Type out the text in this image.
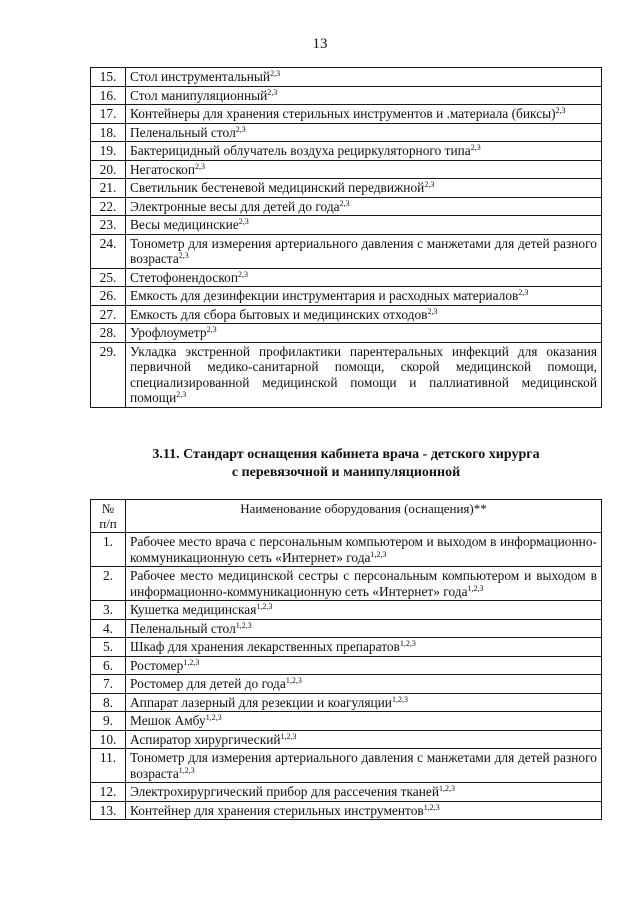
13
15.	Стол инструментальный$^{2,3}$
16.	Стол манипуляционный$^{2,3}$
17.	Контейнеры для хранения стерильных инструментов и .материала (биксы)$^{2,3}$
18.	Пеленальный стол$^{2,3}$
19.	Бактерицидный облучатель воздуха рециркуляторного типа$^{2,3}$
20.	Негатоскоп$^{2,3}$
21.	Светильник бестеневой медицинский передвижной$^{2,3}$
22.	Электронные весы для детей до года$^{2,3}$
23.	Весы медицинские$^{2,3}$
24.	Тонометр для измерения артериального давления с манжетами для детей разного возраста$^{2,3}$
25.	Стетофонендоскоп$^{2,3}$
26.	Емкость для дезинфекции инструментария и расходных материалов$^{2,3}$
27.	Емкость для сбора бытовых и медицинских отходов$^{2,3}$
28.	Урофлоуметр$^{2,3}$
29.	Укладка экстренной профилактики парентеральных инфекций для оказания первичной медико-санитарной помощи, скорой медицинской помощи, специализированной медицинской помощи и паллиативной медицинской помощи$^{2,3}$
3.11. Стандарт оснащения кабинета врача - детского хирурга
с перевязочной и манипуляционной
№
п/п	Наименование оборудования (оснащения)**
1.	Рабочее место врача с персональным компьютером и выходом в информационно-коммуникационную сеть «Интернет» года$^{1,2,3}$
2.	Рабочее место медицинской сестры с персональным компьютером и выходом в информационно-коммуникационную сеть «Интернет» года$^{1,2,3}$
3.	Кушетка медицинская$^{1,2,3}$
4.	Пеленальный стол$^{1,2,3}$
5.	Шкаф для хранения лекарственных препаратов$^{1,2,3}$
6.	Ростомер$^{1,2,3}$
7.	Ростомер для детей до года$^{1,2,3}$
8.	Аппарат лазерный для резекции и коагуляции$^{1,2,3}$
9.	Мешок Амбу$^{1,2,3}$
10.	Аспиратор хирургический$^{1,2,3}$
11.	Тонометр для измерения артериального давления с манжетами для детей разного возраста$^{1,2,3}$
12.	Электрохирургический прибор для рассечения тканей$^{1,2,3}$
13.	Контейнер для хранения стерильных инструментов$^{1,2,3}$
